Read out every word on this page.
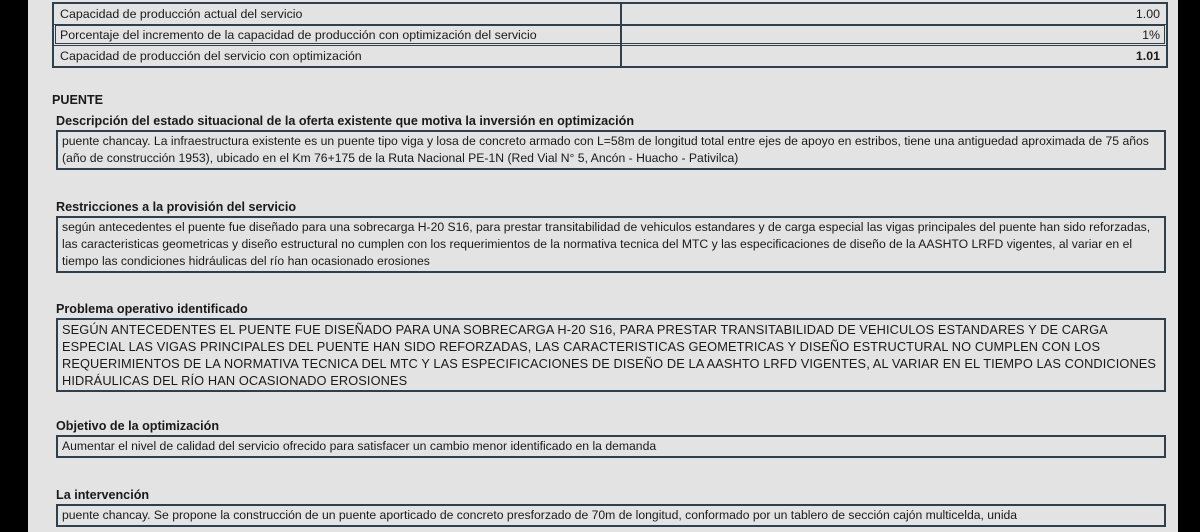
Capacidad de producción actual del servicio	1.00
Porcentaje del incremento de la capacidad de producción con optimización del servicio	1%
Capacidad de producción del servicio con optimización	1.01
PUENTE
Descripción del estado situacional de la oferta existente que motiva la inversión en optimización
puente chancay. La infraestructura existente es un puente tipo viga y losa de concreto armado con L=58m de longitud total entre ejes de apoyo en estribos, tiene una antiguedad aproximada de 75 años (año de construcción 1953), ubicado en el Km 76+175 de la Ruta Nacional PE-1N (Red Vial N° 5, Ancón - Huacho - Pativilca)
Restricciones a la provisión del servicio
según antecedentes el puente fue diseñado para una sobrecarga H-20 S16, para prestar transitabilidad de vehiculos estandares y de carga especial las vigas principales del puente han sido reforzadas, las caracteristicas geometricas y diseño estructural no cumplen con los requerimientos de la normativa tecnica del MTC y las especificaciones de diseño de la AASHTO LRFD vigentes, al variar en el tiempo las condiciones hidráulicas del río han ocasionado erosiones
Problema operativo identificado
SEGÚN ANTECEDENTES EL PUENTE FUE DISEÑADO PARA UNA SOBRECARGA H-20 S16, PARA PRESTAR TRANSITABILIDAD DE VEHICULOS ESTANDARES Y DE CARGA ESPECIAL LAS VIGAS PRINCIPALES DEL PUENTE HAN SIDO REFORZADAS, LAS CARACTERISTICAS GEOMETRICAS Y DISEÑO ESTRUCTURAL NO CUMPLEN CON LOS REQUERIMIENTOS DE LA NORMATIVA TECNICA DEL MTC Y LAS ESPECIFICACIONES DE DISEÑO DE LA AASHTO LRFD VIGENTES, AL VARIAR EN EL TIEMPO LAS CONDICIONES HIDRÁULICAS DEL RÍO HAN OCASIONADO EROSIONES
Objetivo de la optimización
Aumentar el nivel de calidad del servicio ofrecido para satisfacer un cambio menor identificado en la demanda
La intervención
puente chancay. Se propone la construcción de un puente aporticado de concreto presforzado de 70m de longitud, conformado por un tablero de sección cajón multicelda, unida
